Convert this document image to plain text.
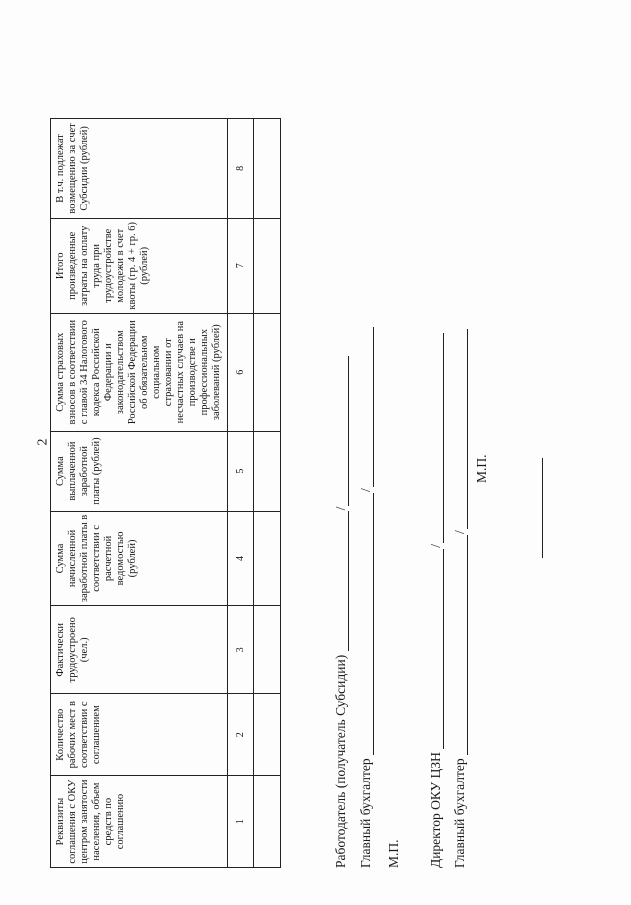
2
Реквизиты соглашения с ОКУ центром занятости населения, объем средств по соглашению	Количество рабочих мест в соответствии с соглашением	Фактически трудоустроено (чел.)	Сумма начисленной заработной платы в соответствии с расчетной ведомостью (рублей)	Сумма выплаченной заработной платы (рублей)	Сумма страховых взносов в соответствии с главой 34 Налогового кодекса Российской Федерации и законодательством Российской Федерации об обязательном социальном страховании от несчастных случаев на производстве и профессиональных заболеваний (рублей)	Итого произведенные затраты на оплату труда при трудоустройстве молодежи в счет квоты (гр. 4 + гр. 6) (рублей)	В т.ч. подлежат возмещению за счет Субсидии (рублей)
1	2	3	4	5	6	7	8

Работодатель (получатель Субсидии) /
Главный бухгалтер /
М.П. Директор ОКУ ЦЗН /
Главный бухгалтер /
М.П.
